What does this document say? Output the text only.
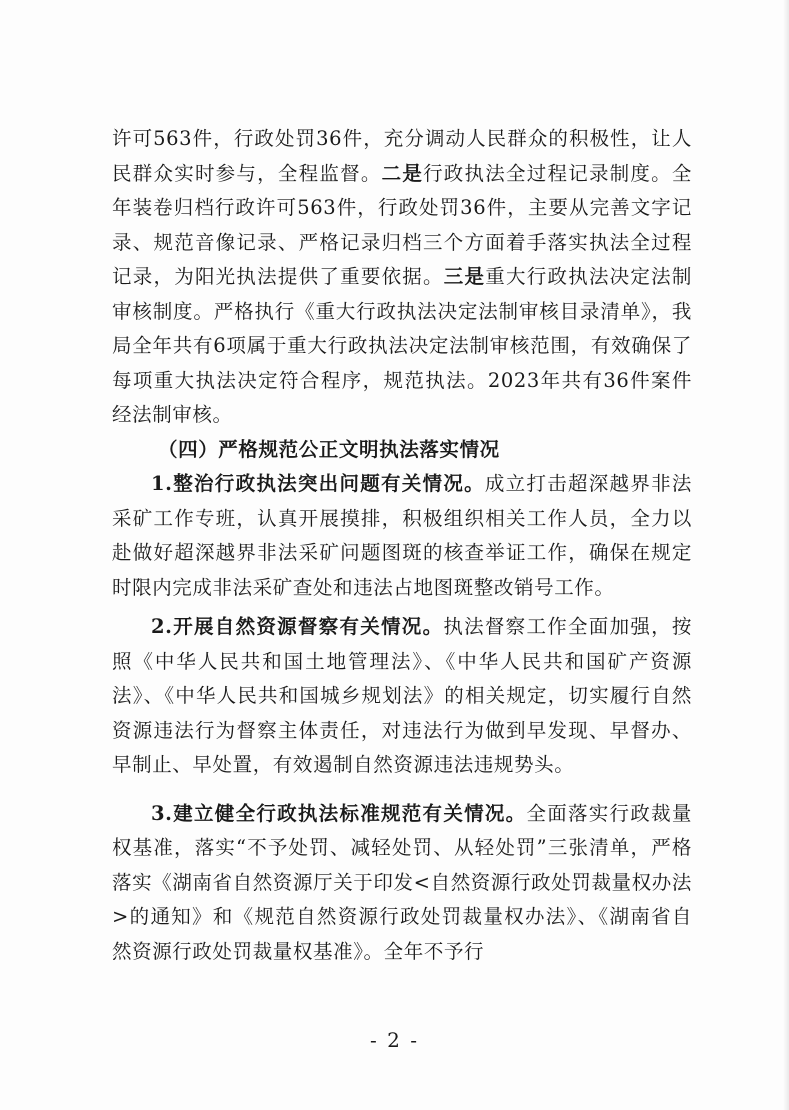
许可563件，行政处罚36件，充分调动人民群众的积极性，让人民群众实时参与，全程监督。二是行政执法全过程记录制度。全年装卷归档行政许可563件，行政处罚36件，主要从完善文字记录、规范音像记录、严格记录归档三个方面着手落实执法全过程记录，为阳光执法提供了重要依据。三是重大行政执法决定法制审核制度。严格执行《重大行政执法决定法制审核目录清单》，我局全年共有6项属于重大行政执法决定法制审核范围，有效确保了每项重大执法决定符合程序，规范执法。2023年共有36件案件经法制审核。

（四）严格规范公正文明执法落实情况

1.整治行政执法突出问题有关情况。成立打击超深越界非法采矿工作专班，认真开展摸排，积极组织相关工作人员，全力以赴做好超深越界非法采矿问题图斑的核查举证工作，确保在规定时限内完成非法采矿查处和违法占地图斑整改销号工作。

2.开展自然资源督察有关情况。执法督察工作全面加强，按照《中华人民共和国土地管理法》、《中华人民共和国矿产资源法》、《中华人民共和国城乡规划法》的相关规定，切实履行自然资源违法行为督察主体责任，对违法行为做到早发现、早督办、早制止、早处置，有效遏制自然资源违法违规势头。

3.建立健全行政执法标准规范有关情况。全面落实行政裁量权基准，落实“不予处罚、减轻处罚、从轻处罚”三张清单，严格落实《湖南省自然资源厅关于印发<自然资源行政处罚裁量权办法>的通知》和《规范自然资源行政处罚裁量权办法》、《湖南省自然资源行政处罚裁量权基准》。全年不予行

- 2 -
